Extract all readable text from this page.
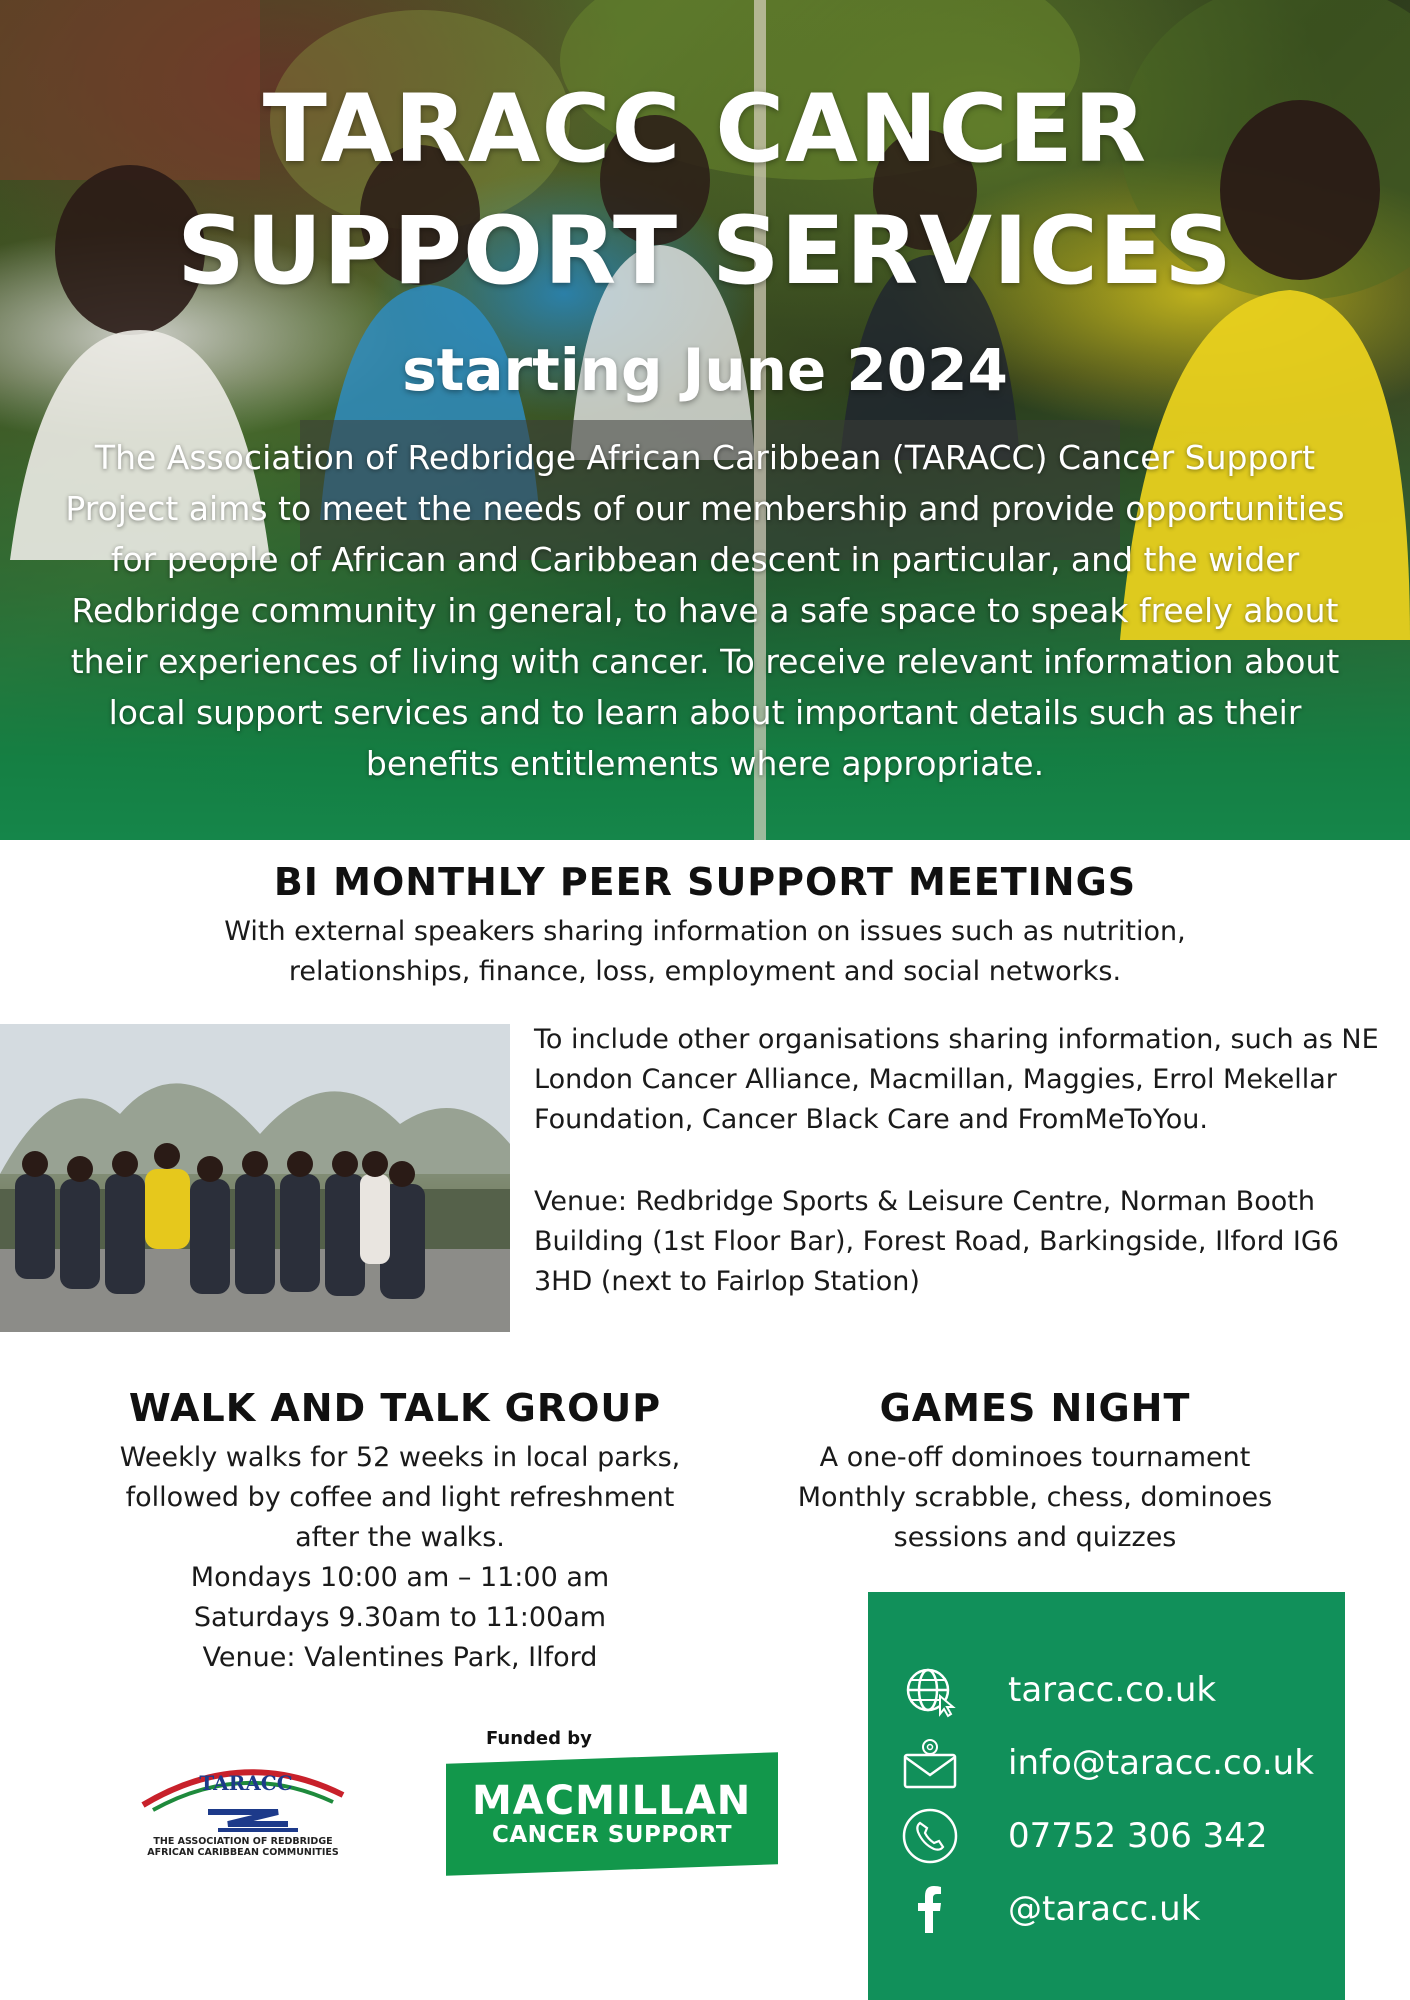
TARACC CANCER
SUPPORT SERVICES
starting June 2024

The Association of Redbridge African Caribbean (TARACC) Cancer Support Project aims to meet the needs of our membership and provide opportunities for people of African and Caribbean descent in particular, and the wider Redbridge community in general, to have a safe space to speak freely about their experiences of living with cancer. To receive relevant information about local support services and to learn about important details such as their benefits entitlements where appropriate.

BI MONTHLY PEER SUPPORT MEETINGS

With external speakers sharing information on issues such as nutrition, relationships, finance, loss, employment and social networks.

To include other organisations sharing information, such as NE London Cancer Alliance, Macmillan, Maggies, Errol Mekellar Foundation, Cancer Black Care and FromMeToYou.

Venue: Redbridge Sports & Leisure Centre, Norman Booth Building (1st Floor Bar), Forest Road, Barkingside, Ilford IG6 3HD (next to Fairlop Station)

WALK AND TALK GROUP
Weekly walks for 52 weeks in local parks,
followed by coffee and light refreshment
after the walks.
Mondays 10:00 am – 11:00 am
Saturdays 9.30am to 11:00am
Venue: Valentines Park, Ilford
GAMES NIGHT
A one-off dominoes tournament
Monthly scrabble, chess, dominoes
sessions and quizzes
TARACC
THE ASSOCIATION OF REDBRIDGE
AFRICAN CARIBBEAN COMMUNITIES
Funded by
MACMILLAN
CANCER SUPPORT
taracc.co.uk
info@taracc.co.uk
07752 306 342
@taracc.uk
